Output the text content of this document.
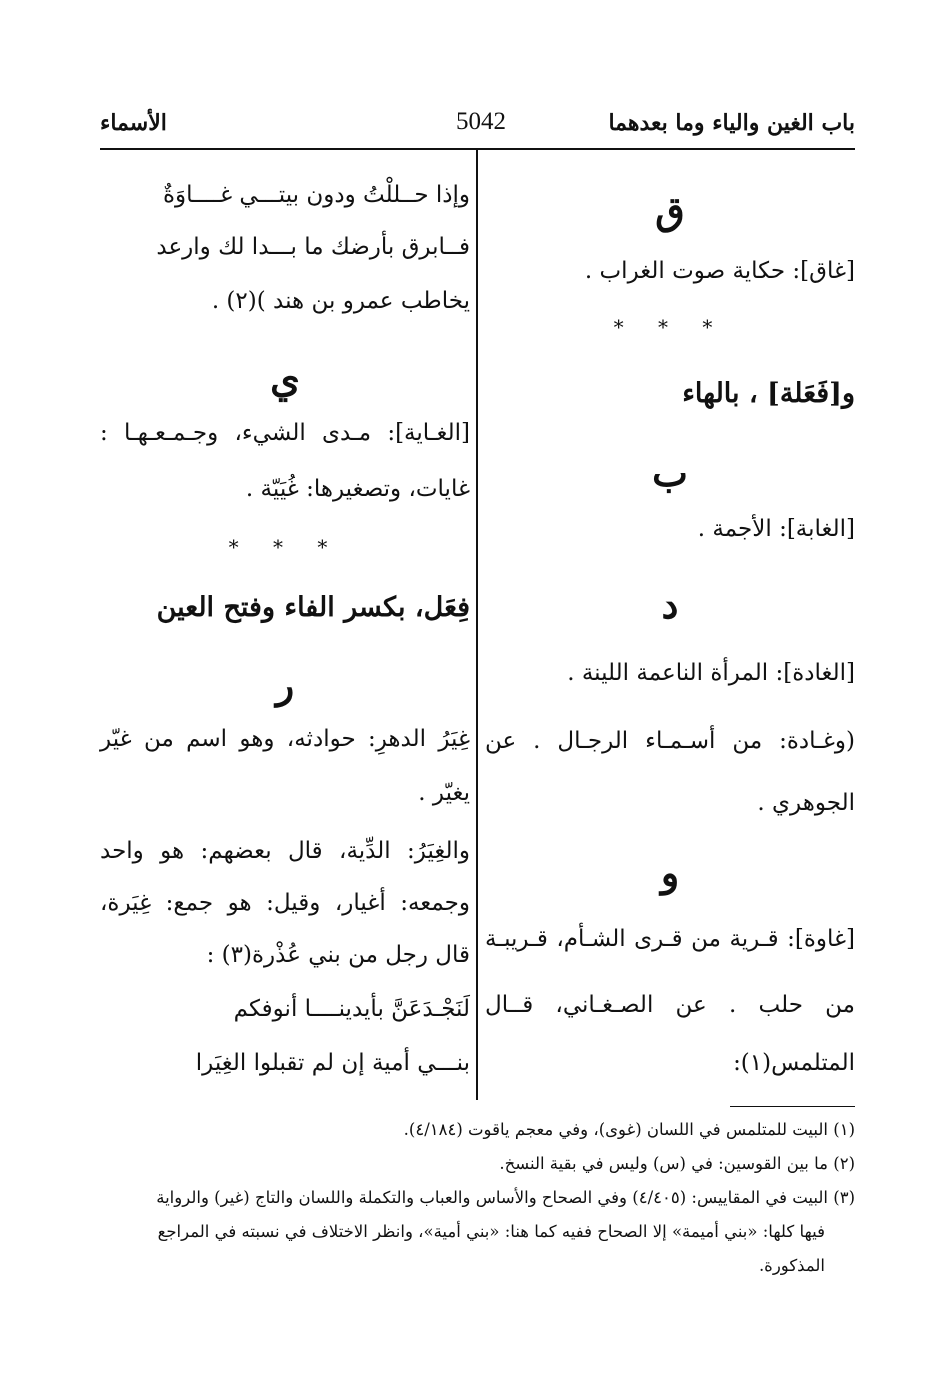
باب الغين والياء وما بعدهما
5042
الأسماء
ق
[غاق]: حكاية صوت الغراب .
* * *
و[فَعَلة] ، بالهاء
ب
[الغابة]: الأجمة .
د
[الغادة]: المرأة الناعمة اللينة .
(وغـادة: من أسـمـاء الرجـال . عن
الجوهري .
و
[غاوة]: قـرية من قـرى الشـأم، قـريبـة
من حلب . عن الصـغـاني، قــال
المتلمس(١):
وإذا حــللْتُ ودون بيتـــي غــــاوَةٌ
فــابرق بأرضك ما بـــدا لك وارعد
يخاطب عمرو بن هند )(٢) .
ي
[الغـاية]: مـدى الشيء، وجـمـعـهـا :
غايات، وتصغيرها: غُيَيّة .
* * *
فِعَل، بكسر الفاء وفتح العين
ر
غِيَرُ الدهرِ: حوادثه، وهو اسم من غيّر
يغيّر .
والغِيَرُ: الدِّية، قال بعضهم: هو واحد
وجمعه: أغيار، وقيل: هو جمع: غِيَرة،
قال رجل من بني عُذْرة(٣) :
لَنَجْـدَعَنَّ بأيدينــــا أنوفكم
بنـــي أمية إن لم تقبلوا الغِيَرا
(١) البيت للمتلمس في اللسان (غوى)، وفي معجم ياقوت (٤/١٨٤).
(٢) ما بين القوسين: في (س) وليس في بقية النسخ.
(٣) البيت في المقاييس: (٤/٤٠٥) وفي الصحاح والأساس والعباب والتكملة واللسان والتاج (غير) والرواية
فيها كلها: «بني أميمة» إلا الصحاح ففيه كما هنا: «بني أمية»، وانظر الاختلاف في نسبته في المراجع
المذكورة.
